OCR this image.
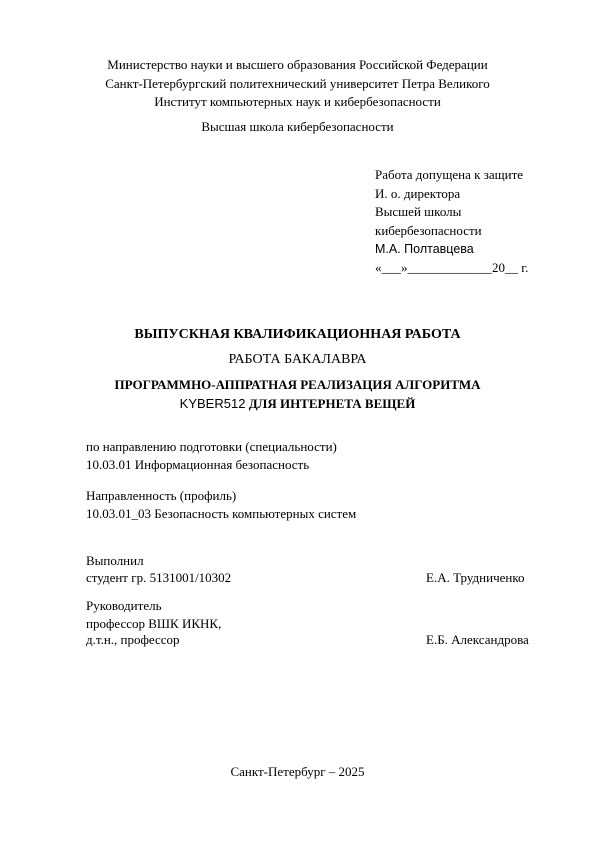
Министерство науки и высшего образования Российской Федерации
Санкт-Петербургский политехнический университет Петра Великого
Институт компьютерных наук и кибербезопасности
Высшая школа кибербезопасности
Работа допущена к защите
И. о. директора
Высшей школы
кибербезопасности
М.А. Полтавцева
«___»_____________20__ г.
ВЫПУСКНАЯ КВАЛИФИКАЦИОННАЯ РАБОТА
РАБОТА БАКАЛАВРА
ПРОГРАММНО-АППРАТНАЯ РЕАЛИЗАЦИЯ АЛГОРИТМА
KYBER512 ДЛЯ ИНТЕРНЕТА ВЕЩЕЙ
по направлению подготовки (специальности)
10.03.01 Информационная безопасность
Направленность (профиль)
10.03.01_03 Безопасность компьютерных систем
Выполнил
студент гр. 5131001/10302	Е.А. Трудниченко
Руководитель
профессор ВШК ИКНК,
д.т.н., профессор	Е.Б. Александрова
Санкт-Петербург – 2025
